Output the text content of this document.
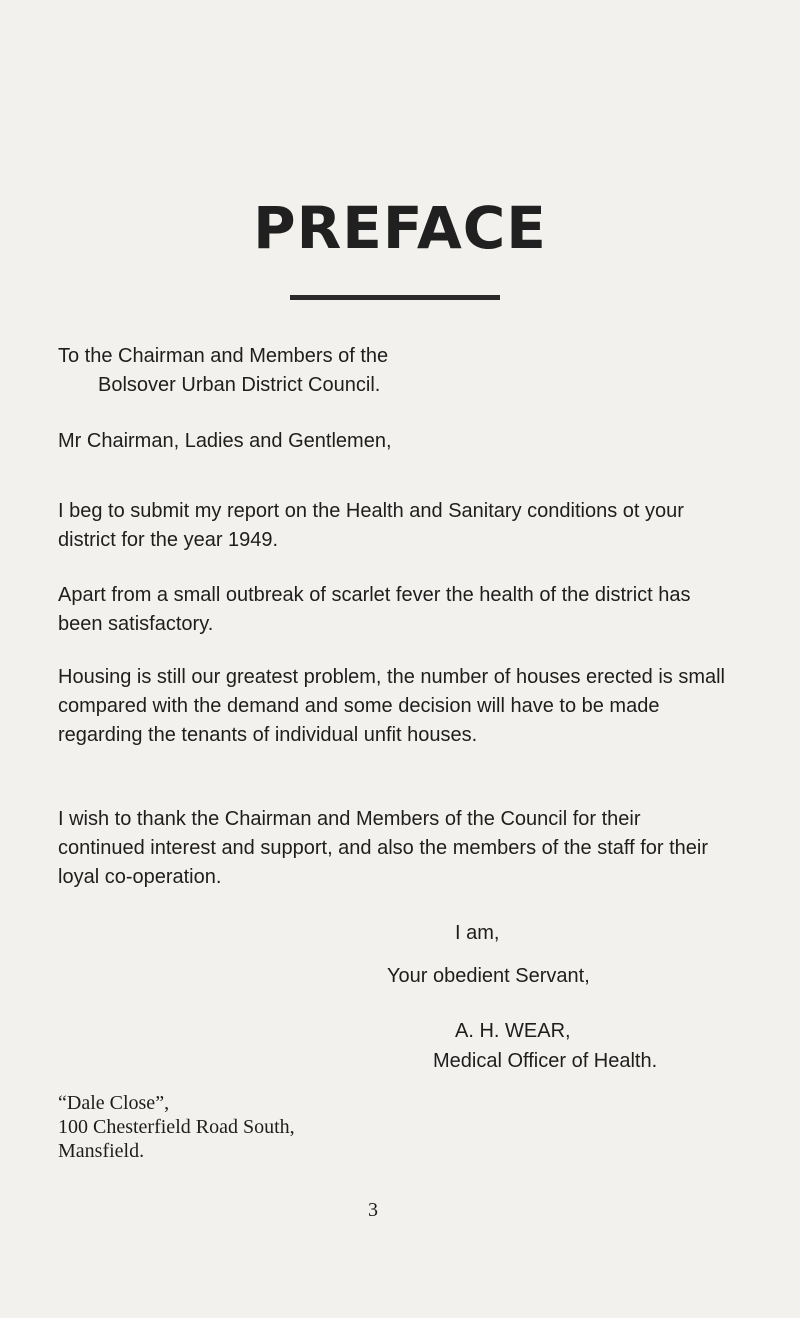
PREFACE
To the Chairman and Members of the
Bolsover Urban District Council.
Mr Chairman, Ladies and Gentlemen,

I beg to submit my report on the Health and Sanitary conditions ot your district for the year 1949.

Apart from a small outbreak of scarlet fever the health of the district has been satisfactory.

Housing is still our greatest problem, the number of houses erected is small compared with the demand and some decision will have to be made regarding the tenants of individual unfit houses.

I wish to thank the Chairman and Members of the Council for their continued interest and support, and also the members of the staff for their loyal co-operation.

I am,
Your obedient Servant,
A. H. WEAR,
Medical Officer of Health.
“Dale Close”,
100 Chesterfield Road South,
Mansfield.
3
